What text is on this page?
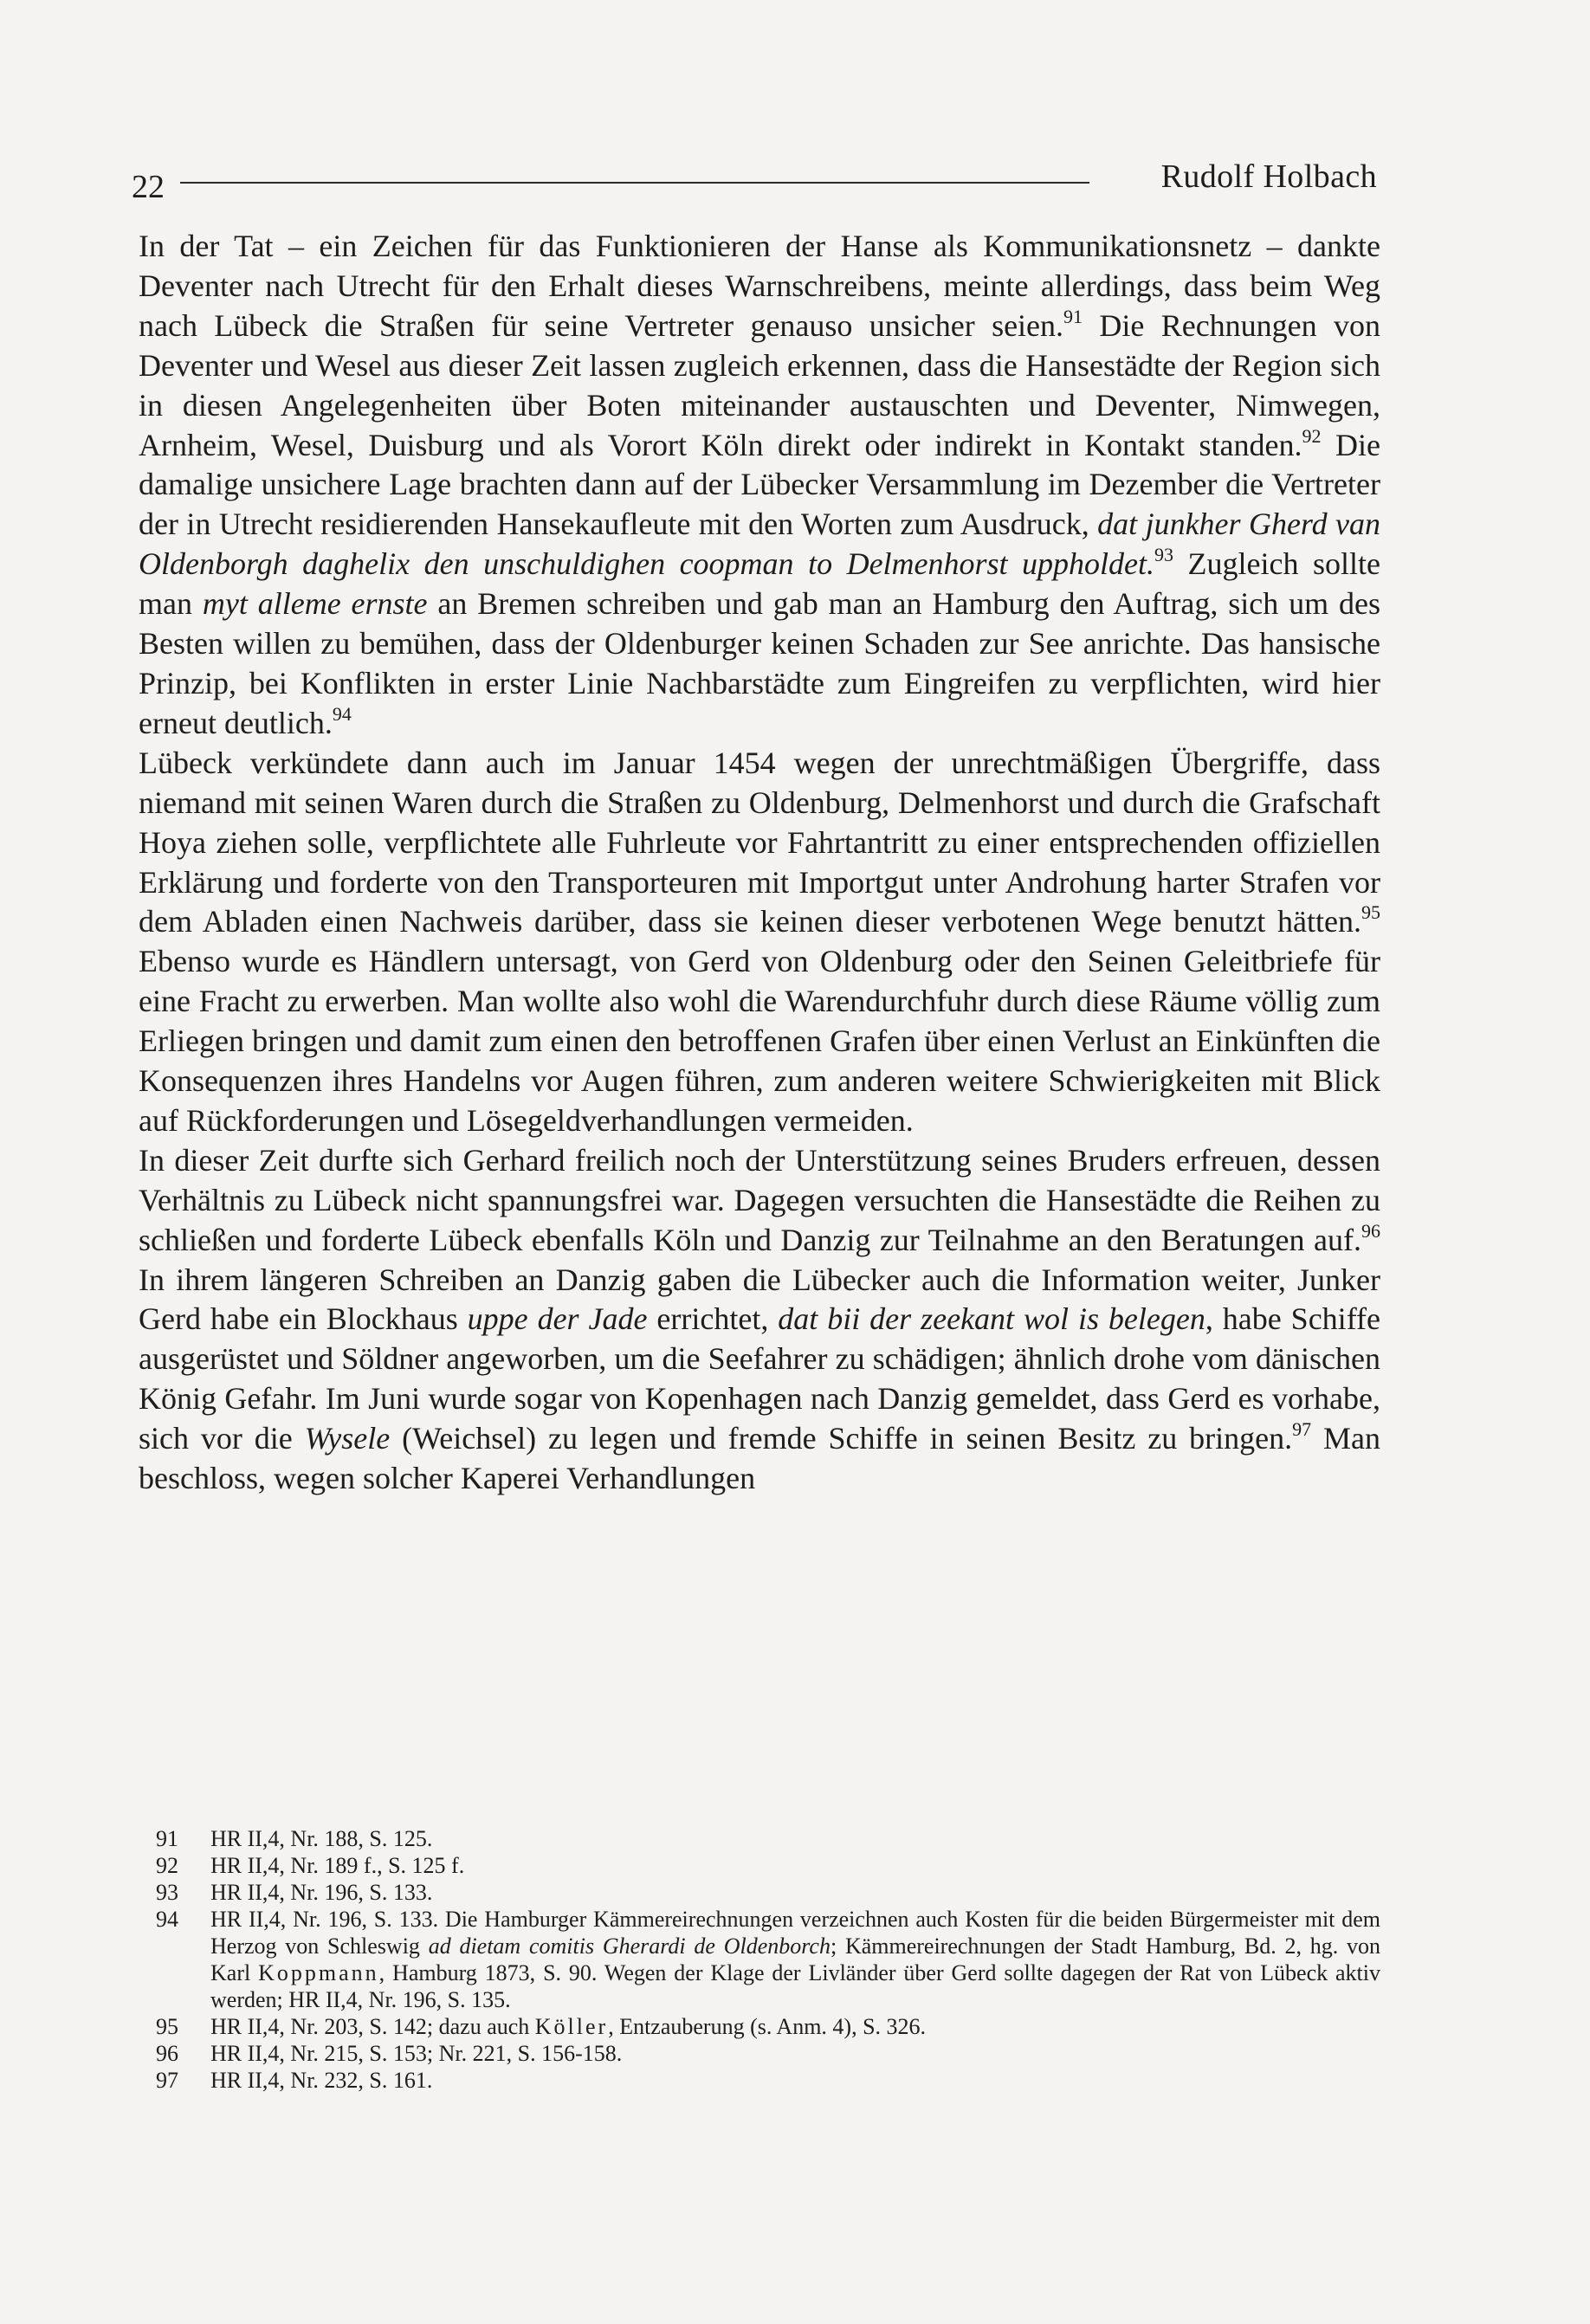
22	Rudolf Holbach

In der Tat – ein Zeichen für das Funktionieren der Hanse als Kommunikationsnetz – dankte Deventer nach Utrecht für den Erhalt dieses Warnschreibens, meinte allerdings, dass beim Weg nach Lübeck die Straßen für seine Vertreter genauso unsicher seien.$^{91}$ Die Rechnungen von Deventer und Wesel aus dieser Zeit lassen zugleich erkennen, dass die Hansestädte der Region sich in diesen Angelegenheiten über Boten miteinander austauschten und Deventer, Nimwegen, Arnheim, Wesel, Duisburg und als Vorort Köln direkt oder indirekt in Kontakt standen.$^{92}$ Die damalige unsichere Lage brachten dann auf der Lübecker Versammlung im Dezember die Vertreter der in Utrecht residierenden Hansekaufleute mit den Worten zum Ausdruck, dat junkher Gherd van Oldenborgh daghelix den unschuldighen coopman to Delmenhorst uppholdet.$^{93}$ Zugleich sollte man myt alleme ernste an Bremen schreiben und gab man an Hamburg den Auftrag, sich um des Besten willen zu bemühen, dass der Oldenburger keinen Schaden zur See anrichte. Das hansische Prinzip, bei Konflikten in erster Linie Nachbarstädte zum Eingreifen zu verpflichten, wird hier erneut deutlich.$^{94}$

Lübeck verkündete dann auch im Januar 1454 wegen der unrechtmäßigen Übergriffe, dass niemand mit seinen Waren durch die Straßen zu Oldenburg, Delmenhorst und durch die Grafschaft Hoya ziehen solle, verpflichtete alle Fuhrleute vor Fahrtantritt zu einer entsprechenden offiziellen Erklärung und forderte von den Transporteuren mit Importgut unter Androhung harter Strafen vor dem Abladen einen Nachweis darüber, dass sie keinen dieser verbotenen Wege benutzt hätten.$^{95}$ Ebenso wurde es Händlern untersagt, von Gerd von Oldenburg oder den Seinen Geleitbriefe für eine Fracht zu erwerben. Man wollte also wohl die Warendurchfuhr durch diese Räume völlig zum Erliegen bringen und damit zum einen den betroffenen Grafen über einen Verlust an Einkünften die Konsequenzen ihres Handelns vor Augen führen, zum anderen weitere Schwierigkeiten mit Blick auf Rückforderungen und Lösegeldverhandlungen vermeiden.

In dieser Zeit durfte sich Gerhard freilich noch der Unterstützung seines Bruders erfreuen, dessen Verhältnis zu Lübeck nicht spannungsfrei war. Dagegen versuchten die Hansestädte die Reihen zu schließen und forderte Lübeck ebenfalls Köln und Danzig zur Teilnahme an den Beratungen auf.$^{96}$ In ihrem längeren Schreiben an Danzig gaben die Lübecker auch die Information weiter, Junker Gerd habe ein Blockhaus uppe der Jade errichtet, dat bii der zeekant wol is belegen, habe Schiffe ausgerüstet und Söldner angeworben, um die Seefahrer zu schädigen; ähnlich drohe vom dänischen König Gefahr. Im Juni wurde sogar von Kopenhagen nach Danzig gemeldet, dass Gerd es vorhabe, sich vor die Wysele (Weichsel) zu legen und fremde Schiffe in seinen Besitz zu bringen.$^{97}$ Man beschloss, wegen solcher Kaperei Verhandlungen

91	HR II,4, Nr. 188, S. 125.
92	HR II,4, Nr. 189 f., S. 125 f.
93	HR II,4, Nr. 196, S. 133.
94	HR II,4, Nr. 196, S. 133. Die Hamburger Kämmereirechnungen verzeichnen auch Kosten für die beiden Bürgermeister mit dem Herzog von Schleswig ad dietam comitis Gherardi de Oldenborch; Kämmereirechnungen der Stadt Hamburg, Bd. 2, hg. von Karl Koppmann, Hamburg 1873, S. 90. Wegen der Klage der Livländer über Gerd sollte dagegen der Rat von Lübeck aktiv werden; HR II,4, Nr. 196, S. 135.
95	HR II,4, Nr. 203, S. 142; dazu auch Köller, Entzauberung (s. Anm. 4), S. 326.
96	HR II,4, Nr. 215, S. 153; Nr. 221, S. 156-158.
97	HR II,4, Nr. 232, S. 161.
